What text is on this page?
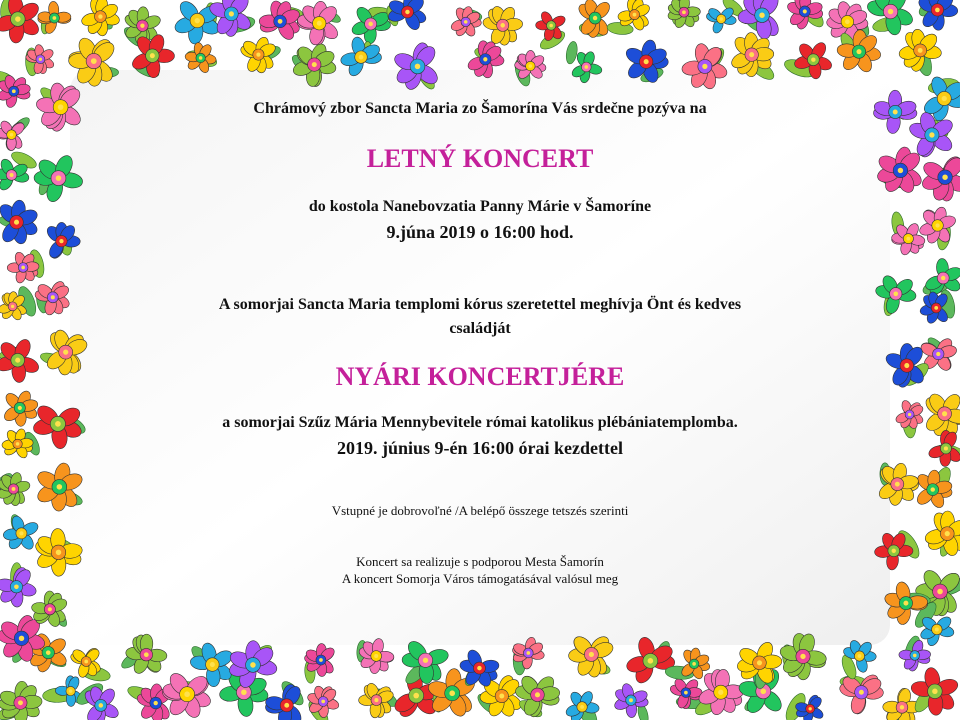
Chrámový zbor Sancta Maria zo Šamorína Vás srdečne pozýva na
LETNÝ KONCERT
do kostola Nanebovzatia Panny Márie v Šamoríne
9.júna 2019 o 16:00 hod.
A somorjai Sancta Maria templomi kórus szeretettel meghívja Önt és kedves
családját
NYÁRI KONCERTJÉRE
a somorjai Szűz Mária Mennybevitele római katolikus plébániatemplomba.
2019. június 9-én 16:00 órai kezdettel
Vstupné je dobrovoľné /A belépő összege tetszés szerinti
Koncert sa realizuje s podporou Mesta Šamorín
A koncert Somorja Város támogatásával valósul meg
